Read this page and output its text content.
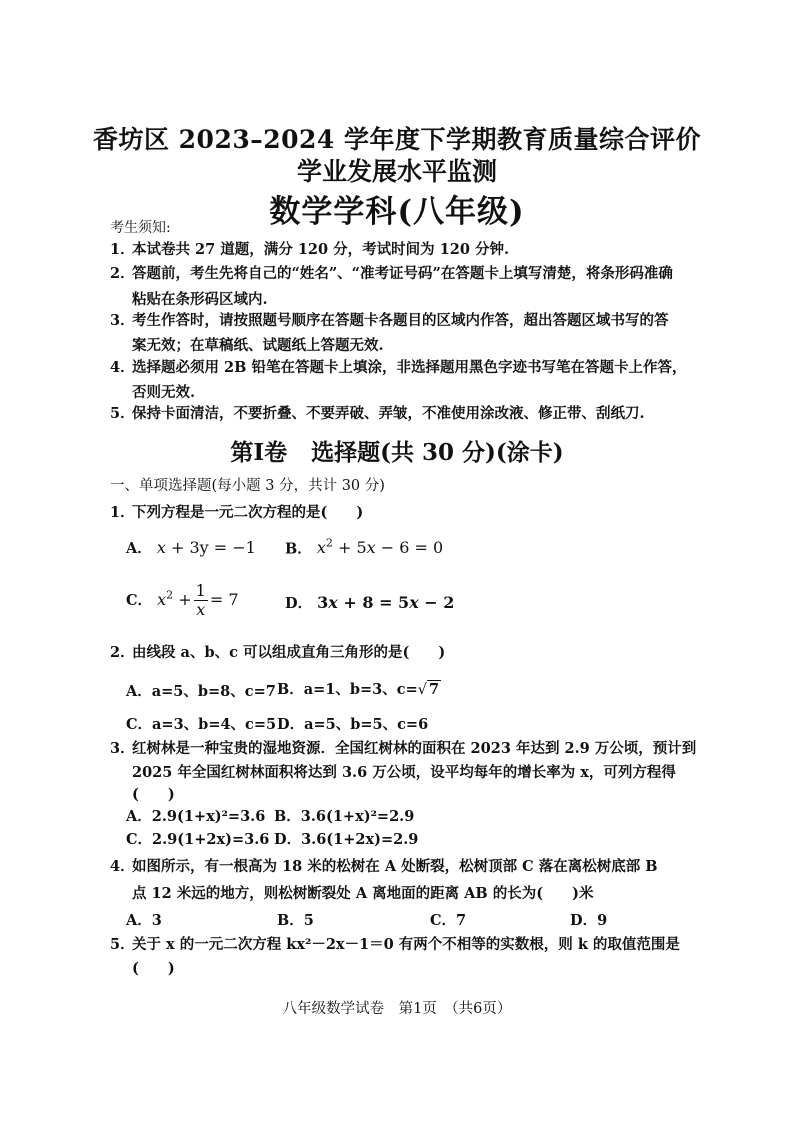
香坊区 2023–2024 学年度下学期教育质量综合评价
学业发展水平监测
数学学科(八年级)
考生须知:
1．本试卷共 27 道题，满分 120 分，考试时间为 120 分钟.
2．答题前，考生先将自己的“姓名”、“准考证号码”在答题卡上填写清楚，将条形码准确
粘贴在条形码区域内.
3．考生作答时，请按照题号顺序在答题卡各题目的区域内作答，超出答题区域书写的答
案无效；在草稿纸、试题纸上答题无效.
4．选择题必须用 2B 铅笔在答题卡上填涂，非选择题用黑色字迹书写笔在答题卡上作答，
否则无效.
5．保持卡面清洁，不要折叠、不要弄破、弄皱，不准使用涂改液、修正带、刮纸刀.
第Ⅰ卷 选择题(共 30 分)(涂卡)
一、单项选择题(每小题 3 分，共计 30 分)
1．下列方程是一元二次方程的是(　　)
A． x + 3y = −1 B． $x^2 + 5x - 6 = 0$
C． $x^2 + \frac{1}{x} = 7$	D． 3x + 8 = 5x − 2
2．由线段 a、b、c 可以组成直角三角形的是(　　)
A．a=5、b=8、c=7 B．a=1、b=3、c=√ 7
C．a=3、b=4、c=5 D．a=5、b=5、c=6
3．红树林是一种宝贵的湿地资源．全国红树林的面积在 2023 年达到 2.9 万公顷，预计到
2025 年全国红树林面积将达到 3.6 万公顷，设平均每年的增长率为 x，可列方程得
(　　)
A．2.9(1+x)²=3.6 B．3.6(1+x)²=2.9
C．2.9(1+2x)=3.6 D．3.6(1+2x)=2.9
4．如图所示，有一根高为 18 米的松树在 A 处断裂，松树顶部 C 落在离松树底部 B
点 12 米远的地方，则松树断裂处 A 离地面的距离 AB 的长为(　　)米
A．3	B．5	C．7	D．9
5．关于 x 的一元二次方程 kx²－2x－1＝0 有两个不相等的实数根，则 k 的取值范围是
(　　)
八年级数学试卷　第1页　（共6页）
